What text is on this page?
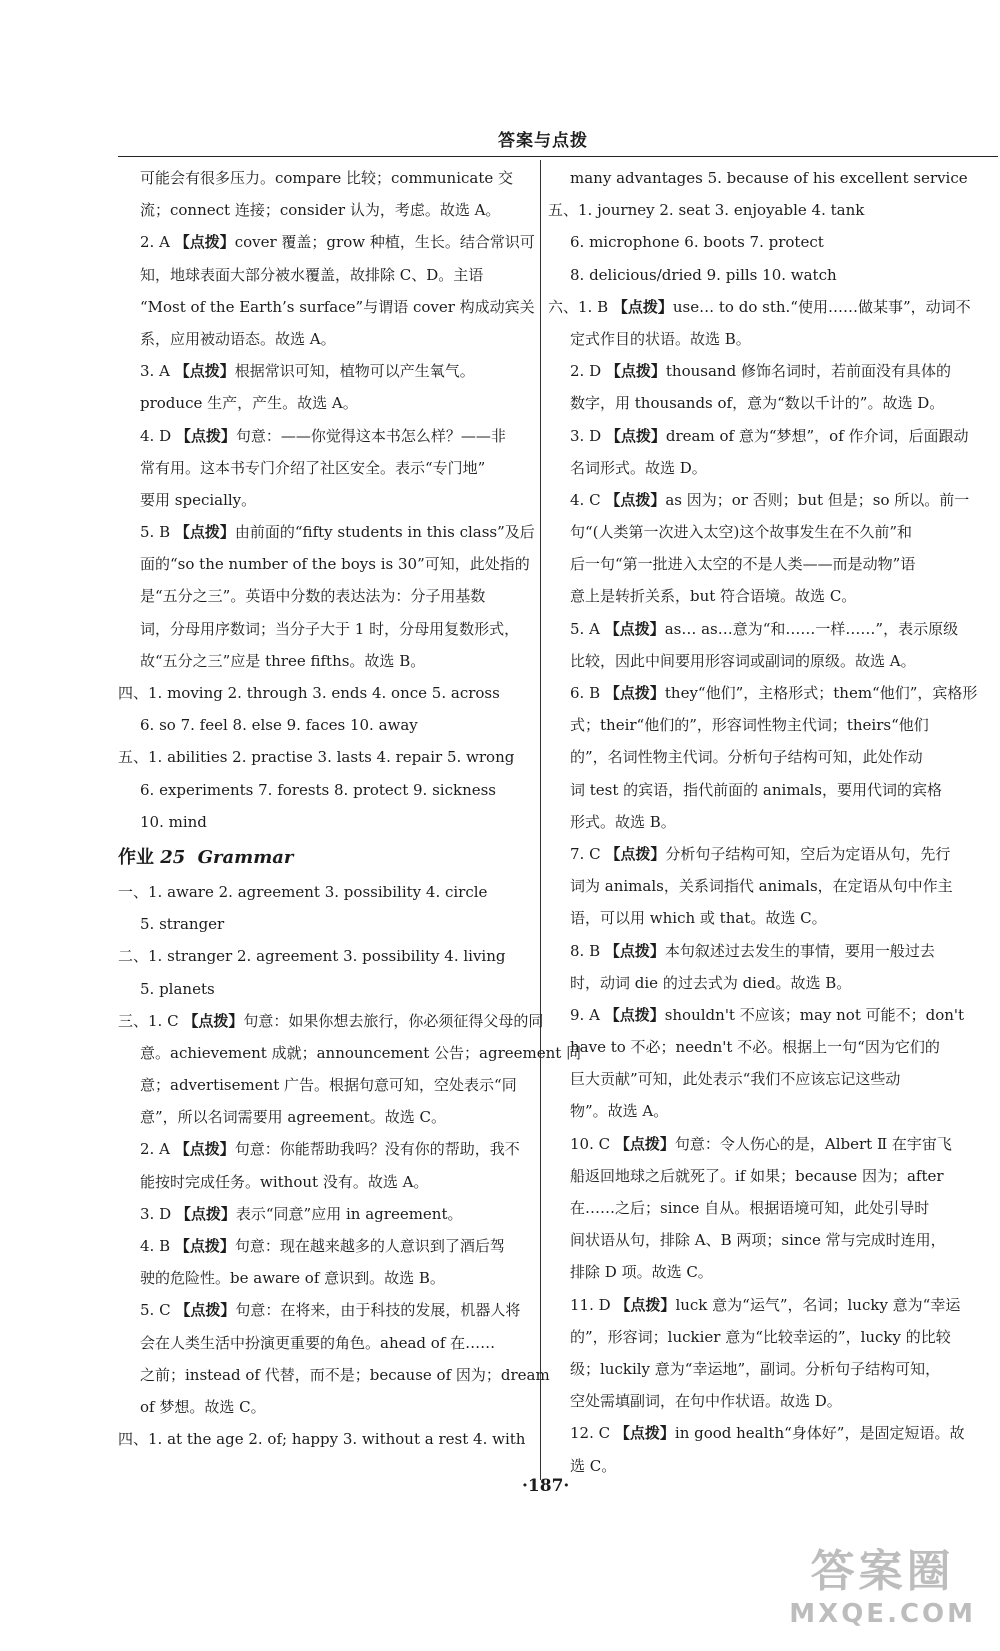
答案与点拨
可能会有很多压力。compare 比较；communicate 交
流；connect 连接；consider 认为，考虑。故选 A。
2. A 【点拨】cover 覆盖；grow 种植，生长。结合常识可
知，地球表面大部分被水覆盖，故排除 C、D。主语
“Most of the Earth’s surface”与谓语 cover 构成动宾关
系，应用被动语态。故选 A。
3. A 【点拨】根据常识可知，植物可以产生氧气。
produce 生产，产生。故选 A。
4. D 【点拨】句意：——你觉得这本书怎么样？——非
常有用。这本书专门介绍了社区安全。表示“专门地”
要用 specially。
5. B 【点拨】由前面的“fifty students in this class”及后
面的“so the number of the boys is 30”可知，此处指的
是“五分之三”。英语中分数的表达法为：分子用基数
词，分母用序数词；当分子大于 1 时，分母用复数形式，
故“五分之三”应是 three fifths。故选 B。
四、1. moving 2. through 3. ends 4. once 5. across
6. so 7. feel 8. else 9. faces 10. away
五、1. abilities 2. practise 3. lasts 4. repair 5. wrong
6. experiments 7. forests 8. protect 9. sickness
10. mind
作业 25 Grammar
一、1. aware 2. agreement 3. possibility 4. circle
5. stranger
二、1. stranger 2. agreement 3. possibility 4. living
5. planets
三、1. C 【点拨】句意：如果你想去旅行，你必须征得父母的同
意。achievement 成就；announcement 公告；agreement 同
意；advertisement 广告。根据句意可知，空处表示“同
意”，所以名词需要用 agreement。故选 C。
2. A 【点拨】句意：你能帮助我吗？没有你的帮助，我不
能按时完成任务。without 没有。故选 A。
3. D 【点拨】表示“同意”应用 in agreement。
4. B 【点拨】句意：现在越来越多的人意识到了酒后驾
驶的危险性。be aware of 意识到。故选 B。
5. C 【点拨】句意：在将来，由于科技的发展，机器人将
会在人类生活中扮演更重要的角色。ahead of 在……
之前；instead of 代替，而不是；because of 因为；dream
of 梦想。故选 C。
四、1. at the age 2. of; happy 3. without a rest 4. with
many advantages 5. because of his excellent service
五、1. journey 2. seat 3. enjoyable 4. tank
6. microphone 6. boots 7. protect
8. delicious/dried 9. pills 10. watch
六、1. B 【点拨】use… to do sth.“使用……做某事”，动词不
定式作目的状语。故选 B。
2. D 【点拨】thousand 修饰名词时，若前面没有具体的
数字，用 thousands of，意为“数以千计的”。故选 D。
3. D 【点拨】dream of 意为“梦想”，of 作介词，后面跟动
名词形式。故选 D。
4. C 【点拨】as 因为；or 否则；but 但是；so 所以。前一
句“(人类第一次进入太空)这个故事发生在不久前”和
后一句“第一批进入太空的不是人类——而是动物”语
意上是转折关系，but 符合语境。故选 C。
5. A 【点拨】as… as…意为“和……一样……”，表示原级
比较，因此中间要用形容词或副词的原级。故选 A。
6. B 【点拨】they“他们”，主格形式；them“他们”，宾格形
式；their“他们的”，形容词性物主代词；theirs“他们
的”，名词性物主代词。分析句子结构可知，此处作动
词 test 的宾语，指代前面的 animals，要用代词的宾格
形式。故选 B。
7. C 【点拨】分析句子结构可知，空后为定语从句，先行
词为 animals，关系词指代 animals，在定语从句中作主
语，可以用 which 或 that。故选 C。
8. B 【点拨】本句叙述过去发生的事情，要用一般过去
时，动词 die 的过去式为 died。故选 B。
9. A 【点拨】shouldn't 不应该；may not 可能不；don't
have to 不必；needn't 不必。根据上一句“因为它们的
巨大贡献”可知，此处表示“我们不应该忘记这些动
物”。故选 A。
10. C 【点拨】句意：令人伤心的是，Albert Ⅱ 在宇宙飞
船返回地球之后就死了。if 如果；because 因为；after
在……之后；since 自从。根据语境可知，此处引导时
间状语从句，排除 A、B 两项；since 常与完成时连用，
排除 D 项。故选 C。
11. D 【点拨】luck 意为“运气”，名词；lucky 意为“幸运
的”，形容词；luckier 意为“比较幸运的”，lucky 的比较
级；luckily 意为“幸运地”，副词。分析句子结构可知，
空处需填副词，在句中作状语。故选 D。
12. C 【点拨】in good health“身体好”，是固定短语。故
选 C。
·187·
答案圈
MXQE.COM
